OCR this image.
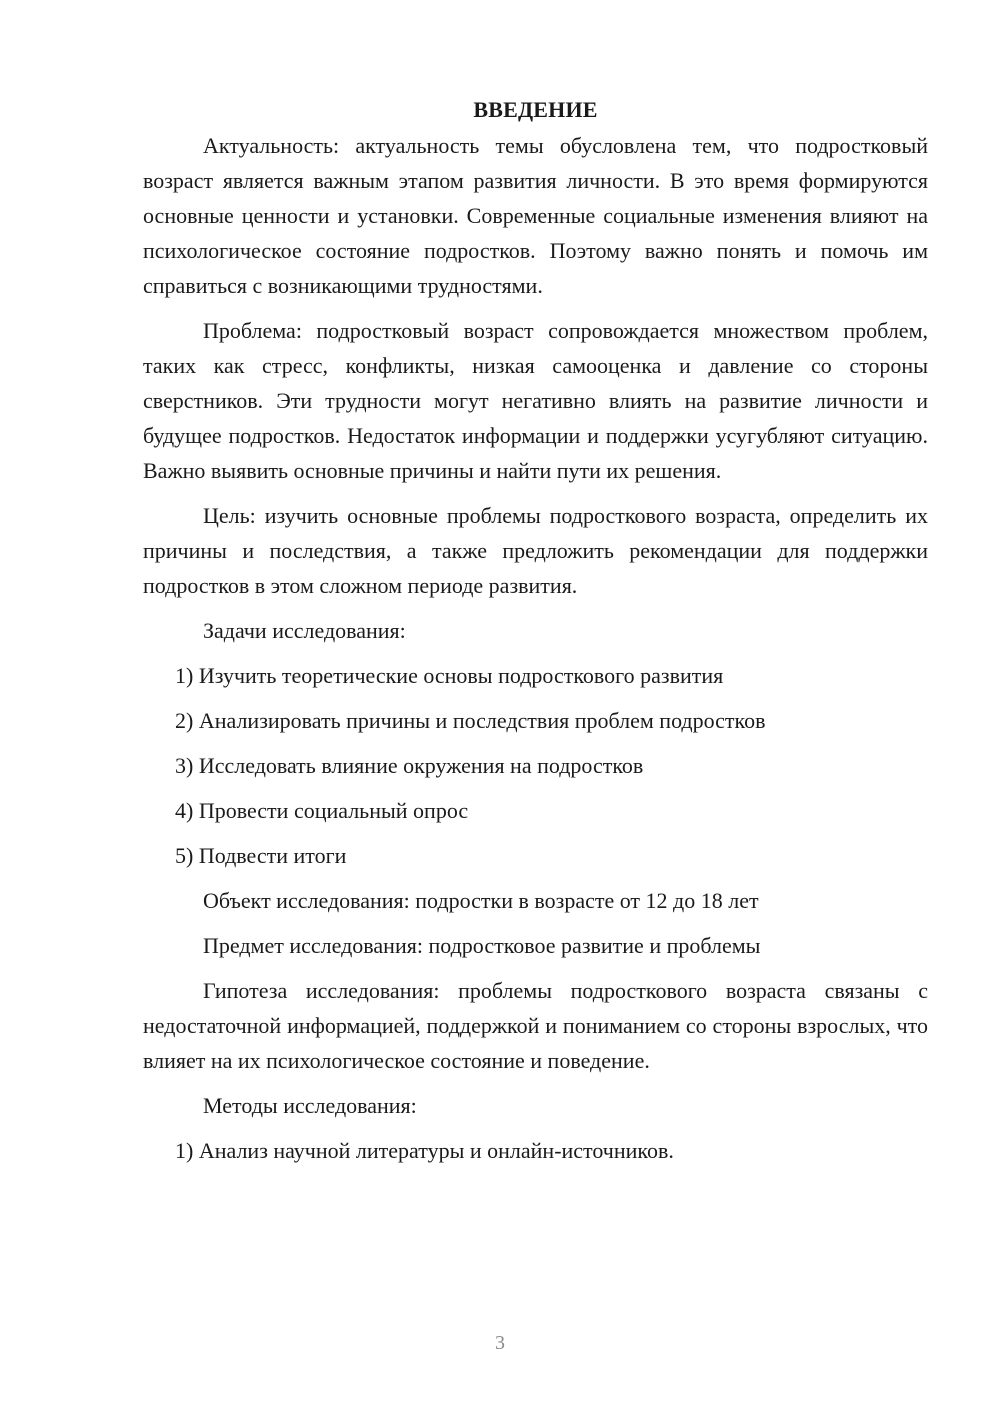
ВВЕДЕНИЕ

Актуальность: актуальность темы обусловлена тем, что подростковый возраст является важным этапом развития личности. В это время формируются основные ценности и установки. Современные социальные изменения влияют на психологическое состояние подростков. Поэтому важно понять и помочь им справиться с возникающими трудностями.

Проблема: подростковый возраст сопровождается множеством проблем, таких как стресс, конфликты, низкая самооценка и давление со стороны сверстников. Эти трудности могут негативно влиять на развитие личности и будущее подростков. Недостаток информации и поддержки усугубляют ситуацию. Важно выявить основные причины и найти пути их решения.

Цель: изучить основные проблемы подросткового возраста, определить их причины и последствия, а также предложить рекомендации для поддержки подростков в этом сложном периоде развития.

Задачи исследования:
1) Изучить теоретические основы подросткового развития
2) Анализировать причины и последствия проблем подростков
3) Исследовать влияние окружения на подростков
4) Провести социальный опрос
5) Подвести итоги
Объект исследования: подростки в возрасте от 12 до 18 лет
Предмет исследования: подростковое развитие и проблемы

Гипотеза исследования: проблемы подросткового возраста связаны с недостаточной информацией, поддержкой и пониманием со стороны взрослых, что влияет на их психологическое состояние и поведение.

Методы исследования:
1) Анализ научной литературы и онлайн-источников.
3
